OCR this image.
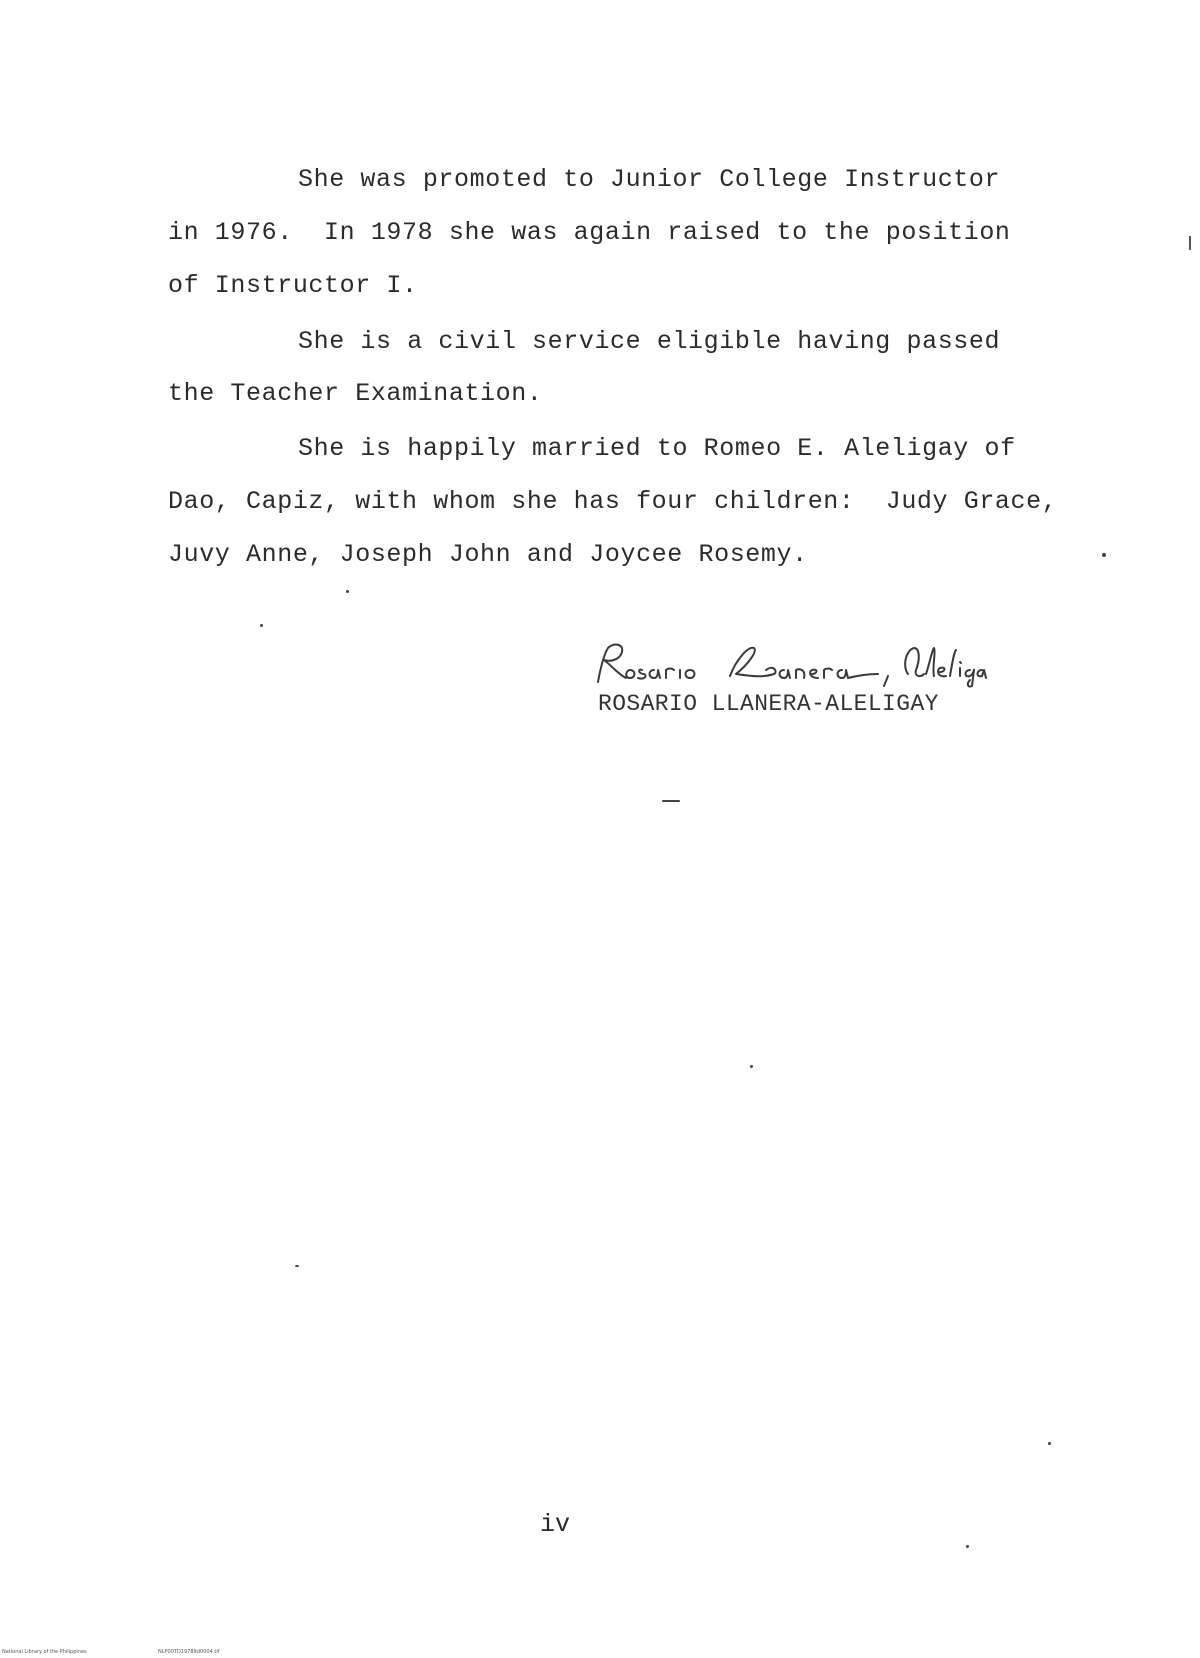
She was promoted to Junior College Instructor
in 1976.  In 1978 she was again raised to the position
of Instructor I.
She is a civil service eligible having passed
the Teacher Examination.
She is happily married to Romeo E. Aleligay of
Dao, Capiz, with whom she has four children:  Judy Grace,
Juvy Anne, Joseph John and Joycee Rosemy.
ROSARIO LLANERA-ALELIGAY
iv
National Library of the Philippines	NLP00TD1978ltd0004.tif
